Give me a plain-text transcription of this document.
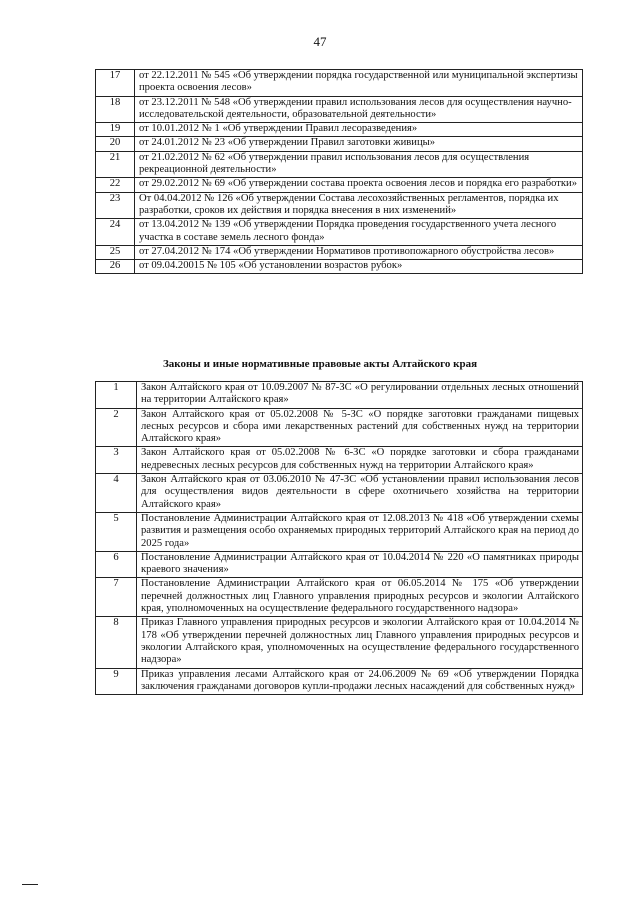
47
17	от 22.12.2011 № 545 «Об утверждении порядка государственной или муниципальной экспертизы проекта освоения лесов»
18	от 23.12.2011 № 548 «Об утверждении правил использования лесов для осуществления научно-исследовательской деятельности, образовательной деятельности»
19	от 10.01.2012 № 1 «Об утверждении Правил лесоразведения»
20	от 24.01.2012 № 23 «Об утверждении Правил заготовки живицы»
21	от 21.02.2012 № 62 «Об утверждении правил использования лесов для осуществления рекреационной деятельности»
22	от 29.02.2012 № 69 «Об утверждении состава проекта освоения лесов и порядка его разработки»
23	От 04.04.2012 № 126 «Об утверждении Состава лесохозяйственных регламентов, порядка их разработки, сроков их действия и порядка внесения в них изменений»
24	от 13.04.2012 № 139 «Об утверждении Порядка проведения государственного учета лесного участка в составе земель лесного фонда»
25	от 27.04.2012 № 174 «Об утверждении Нормативов противопожарного обустройства лесов»
26	от 09.04.20015 № 105 «Об установлении возрастов рубок»
Законы и иные нормативные правовые акты Алтайского края
1	Закон Алтайского края от 10.09.2007 № 87-ЗС «О регулировании отдельных лесных отношений на территории Алтайского края»
2	Закон Алтайского края от 05.02.2008 № 5-ЗС «О порядке заготовки гражданами пищевых лесных ресурсов и сбора ими лекарственных растений для собственных нужд на территории Алтайского края»
3	Закон Алтайского края от 05.02.2008 № 6-ЗС «О порядке заготовки и сбора гражданами недревесных лесных ресурсов для собственных нужд на территории Алтайского края»
4	Закон Алтайского края от 03.06.2010 № 47-ЗС «Об установлении правил использования лесов для осуществления видов деятельности в сфере охотничьего хозяйства на территории Алтайского края»
5	Постановление Администрации Алтайского края от 12.08.2013 № 418 «Об утверждении схемы развития и размещения особо охраняемых природных территорий Алтайского края на период до 2025 года»
6	Постановление Администрации Алтайского края от 10.04.2014 № 220 «О памятниках природы краевого значения»
7	Постановление Администрации Алтайского края от 06.05.2014 № 175 «Об утверждении перечней должностных лиц Главного управления природных ресурсов и экологии Алтайского края, уполномоченных на осуществление федерального государственного надзора»
8	Приказ Главного управления природных ресурсов и экологии Алтайского края от 10.04.2014 № 178 «Об утверждении перечней должностных лиц Главного управления природных ресурсов и экологии Алтайского края, уполномоченных на осуществление федерального государственного надзора»
9	Приказ управления лесами Алтайского края от 24.06.2009 № 69 «Об утверждении Порядка заключения гражданами договоров купли-продажи лесных насаждений для собственных нужд»
